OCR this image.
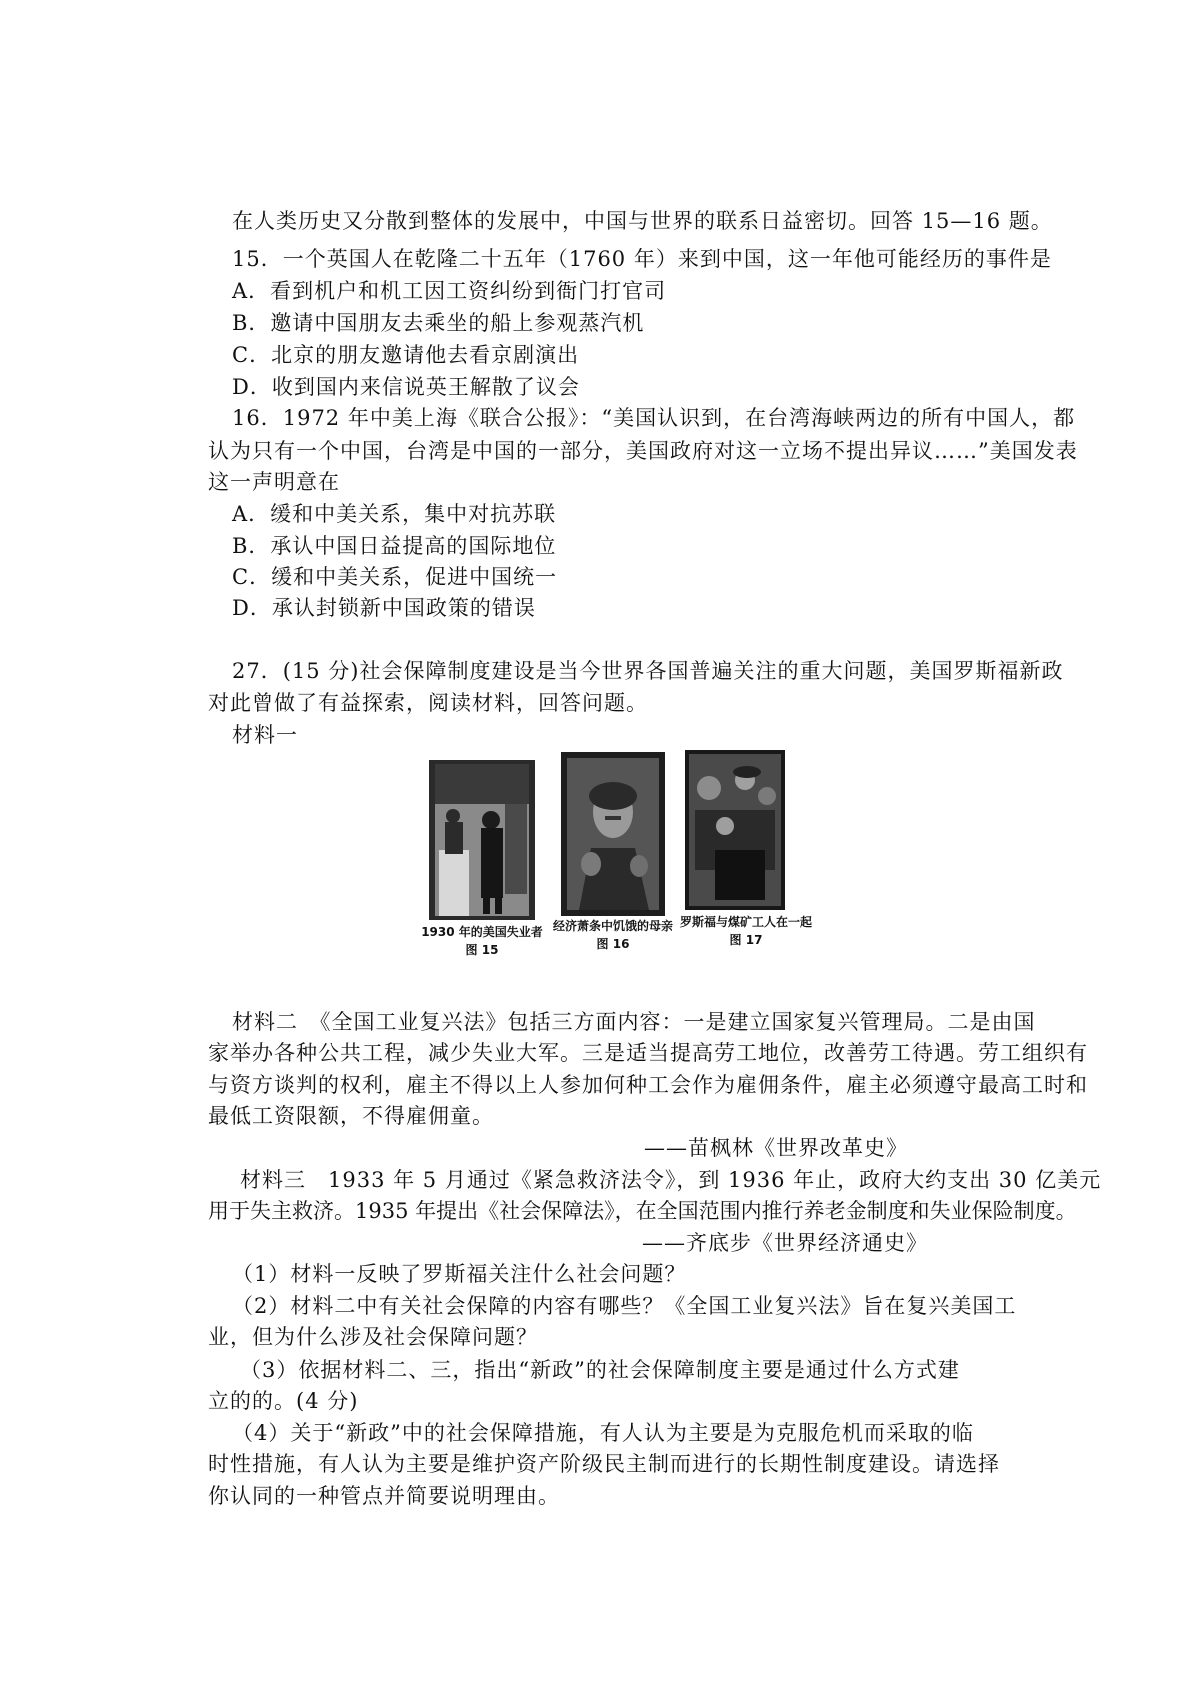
在人类历史又分散到整体的发展中，中国与世界的联系日益密切。回答 15—16 题。
15．一个英国人在乾隆二十五年（1760 年）来到中国，这一年他可能经历的事件是
A．看到机户和机工因工资纠纷到衙门打官司
B．邀请中国朋友去乘坐的船上参观蒸汽机
C．北京的朋友邀请他去看京剧演出
D．收到国内来信说英王解散了议会
16．1972 年中美上海《联合公报》：“美国认识到，在台湾海峡两边的所有中国人，都
认为只有一个中国，台湾是中国的一部分，美国政府对这一立场不提出异议……”美国发表
这一声明意在
A．缓和中美关系，集中对抗苏联
B．承认中国日益提高的国际地位
C．缓和中美关系，促进中国统一
D．承认封锁新中国政策的错误
27．(15 分)社会保障制度建设是当今世界各国普遍关注的重大问题，美国罗斯福新政
对此曾做了有益探索，阅读材料，回答问题。
材料一
1930 年的美国失业者
图 15
经济萧条中饥饿的母亲
图 16
罗斯福与煤矿工人在一起
图 17
材料二　《全国工业复兴法》包括三方面内容：一是建立国家复兴管理局。二是由国
家举办各种公共工程，减少失业大军。三是适当提高劳工地位，改善劳工待遇。劳工组织有
与资方谈判的权利，雇主不得以上人参加何种工会作为雇佣条件，雇主必须遵守最高工时和
最低工资限额，不得雇佣童。
——苗枫林《世界改革史》
材料三　1933 年 5 月通过《紧急救济法令》，到 1936 年止，政府大约支出 30 亿美元
用于失主救济。1935 年提出《社会保障法》，在全国范围内推行养老金制度和失业保险制度。
——齐底步《世界经济通史》
（1）材料一反映了罗斯福关注什么社会问题？
（2）材料二中有关社会保障的内容有哪些？《全国工业复兴法》旨在复兴美国工
业，但为什么涉及社会保障问题？
（3）依据材料二、三，指出“新政”的社会保障制度主要是通过什么方式建
立的的。(4 分)
（4）关于“新政”中的社会保障措施，有人认为主要是为克服危机而采取的临
时性措施，有人认为主要是维护资产阶级民主制而进行的长期性制度建设。请选择
你认同的一种管点并简要说明理由。
